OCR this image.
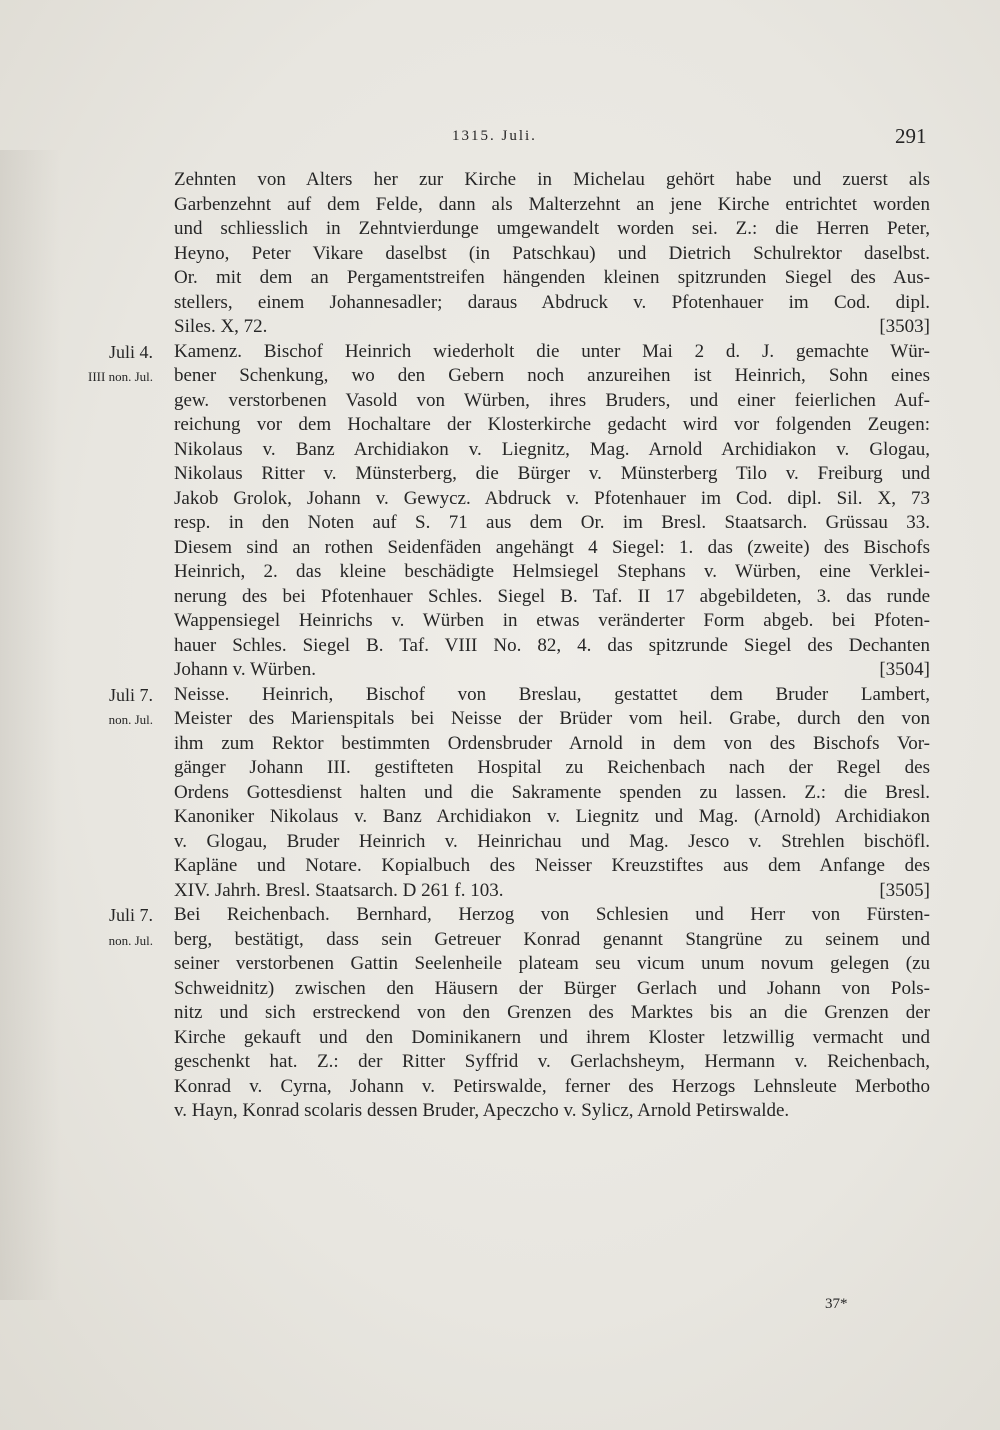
1315. Juli.	291
Juli 4.
IIII non. Jul.
Juli 7.
non. Jul.
Juli 7.
non. Jul.
Zehnten von Alters her zur Kirche in Michelau gehört habe und zuerst als
Garbenzehnt auf dem Felde, dann als Malterzehnt an jene Kirche entrichtet worden
und schliesslich in Zehntvierdunge umgewandelt worden sei. Z.: die Herren Peter,
Heyno, Peter Vikare daselbst (in Patschkau) und Dietrich Schulrektor daselbst.
Or. mit dem an Pergamentstreifen hängenden kleinen spitzrunden Siegel des Aus-
stellers, einem Johannesadler; daraus Abdruck v. Pfotenhauer im Cod. dipl.
Siles. X, 72.	[3503]
Kamenz. Bischof Heinrich wiederholt die unter Mai 2 d. J. gemachte Wür-
bener Schenkung, wo den Gebern noch anzureihen ist Heinrich, Sohn eines
gew. verstorbenen Vasold von Würben, ihres Bruders, und einer feierlichen Auf-
reichung vor dem Hochaltare der Klosterkirche gedacht wird vor folgenden Zeugen:
Nikolaus v. Banz Archidiakon v. Liegnitz, Mag. Arnold Archidiakon v. Glogau,
Nikolaus Ritter v. Münsterberg, die Bürger v. Münsterberg Tilo v. Freiburg und
Jakob Grolok, Johann v. Gewycz. Abdruck v. Pfotenhauer im Cod. dipl. Sil. X, 73
resp. in den Noten auf S. 71 aus dem Or. im Bresl. Staatsarch. Grüssau 33.
Diesem sind an rothen Seidenfäden angehängt 4 Siegel: 1. das (zweite) des Bischofs
Heinrich, 2. das kleine beschädigte Helmsiegel Stephans v. Würben, eine Verklei-
nerung des bei Pfotenhauer Schles. Siegel B. Taf. II 17 abgebildeten, 3. das runde
Wappensiegel Heinrichs v. Würben in etwas veränderter Form abgeb. bei Pfoten-
hauer Schles. Siegel B. Taf. VIII No. 82, 4. das spitzrunde Siegel des Dechanten
Johann v. Würben.	[3504]
Neisse. Heinrich, Bischof von Breslau, gestattet dem Bruder Lambert,
Meister des Marienspitals bei Neisse der Brüder vom heil. Grabe, durch den von
ihm zum Rektor bestimmten Ordensbruder Arnold in dem von des Bischofs Vor-
gänger Johann III. gestifteten Hospital zu Reichenbach nach der Regel des
Ordens Gottesdienst halten und die Sakramente spenden zu lassen. Z.: die Bresl.
Kanoniker Nikolaus v. Banz Archidiakon v. Liegnitz und Mag. (Arnold) Archidiakon
v. Glogau, Bruder Heinrich v. Heinrichau und Mag. Jesco v. Strehlen bischöfl.
Kapläne und Notare. Kopialbuch des Neisser Kreuzstiftes aus dem Anfange des
XIV. Jahrh. Bresl. Staatsarch. D 261 f. 103.	[3505]
Bei Reichenbach. Bernhard, Herzog von Schlesien und Herr von Fürsten-
berg, bestätigt, dass sein Getreuer Konrad genannt Stangrüne zu seinem und
seiner verstorbenen Gattin Seelenheile plateam seu vicum unum novum gelegen (zu
Schweidnitz) zwischen den Häusern der Bürger Gerlach und Johann von Pols-
nitz und sich erstreckend von den Grenzen des Marktes bis an die Grenzen der
Kirche gekauft und den Dominikanern und ihrem Kloster letzwillig vermacht und
geschenkt hat. Z.: der Ritter Syffrid v. Gerlachsheym, Hermann v. Reichenbach,
Konrad v. Cyrna, Johann v. Petirswalde, ferner des Herzogs Lehnsleute Merbotho
v. Hayn, Konrad scolaris dessen Bruder, Apeczcho v. Sylicz, Arnold Petirswalde.
37*
